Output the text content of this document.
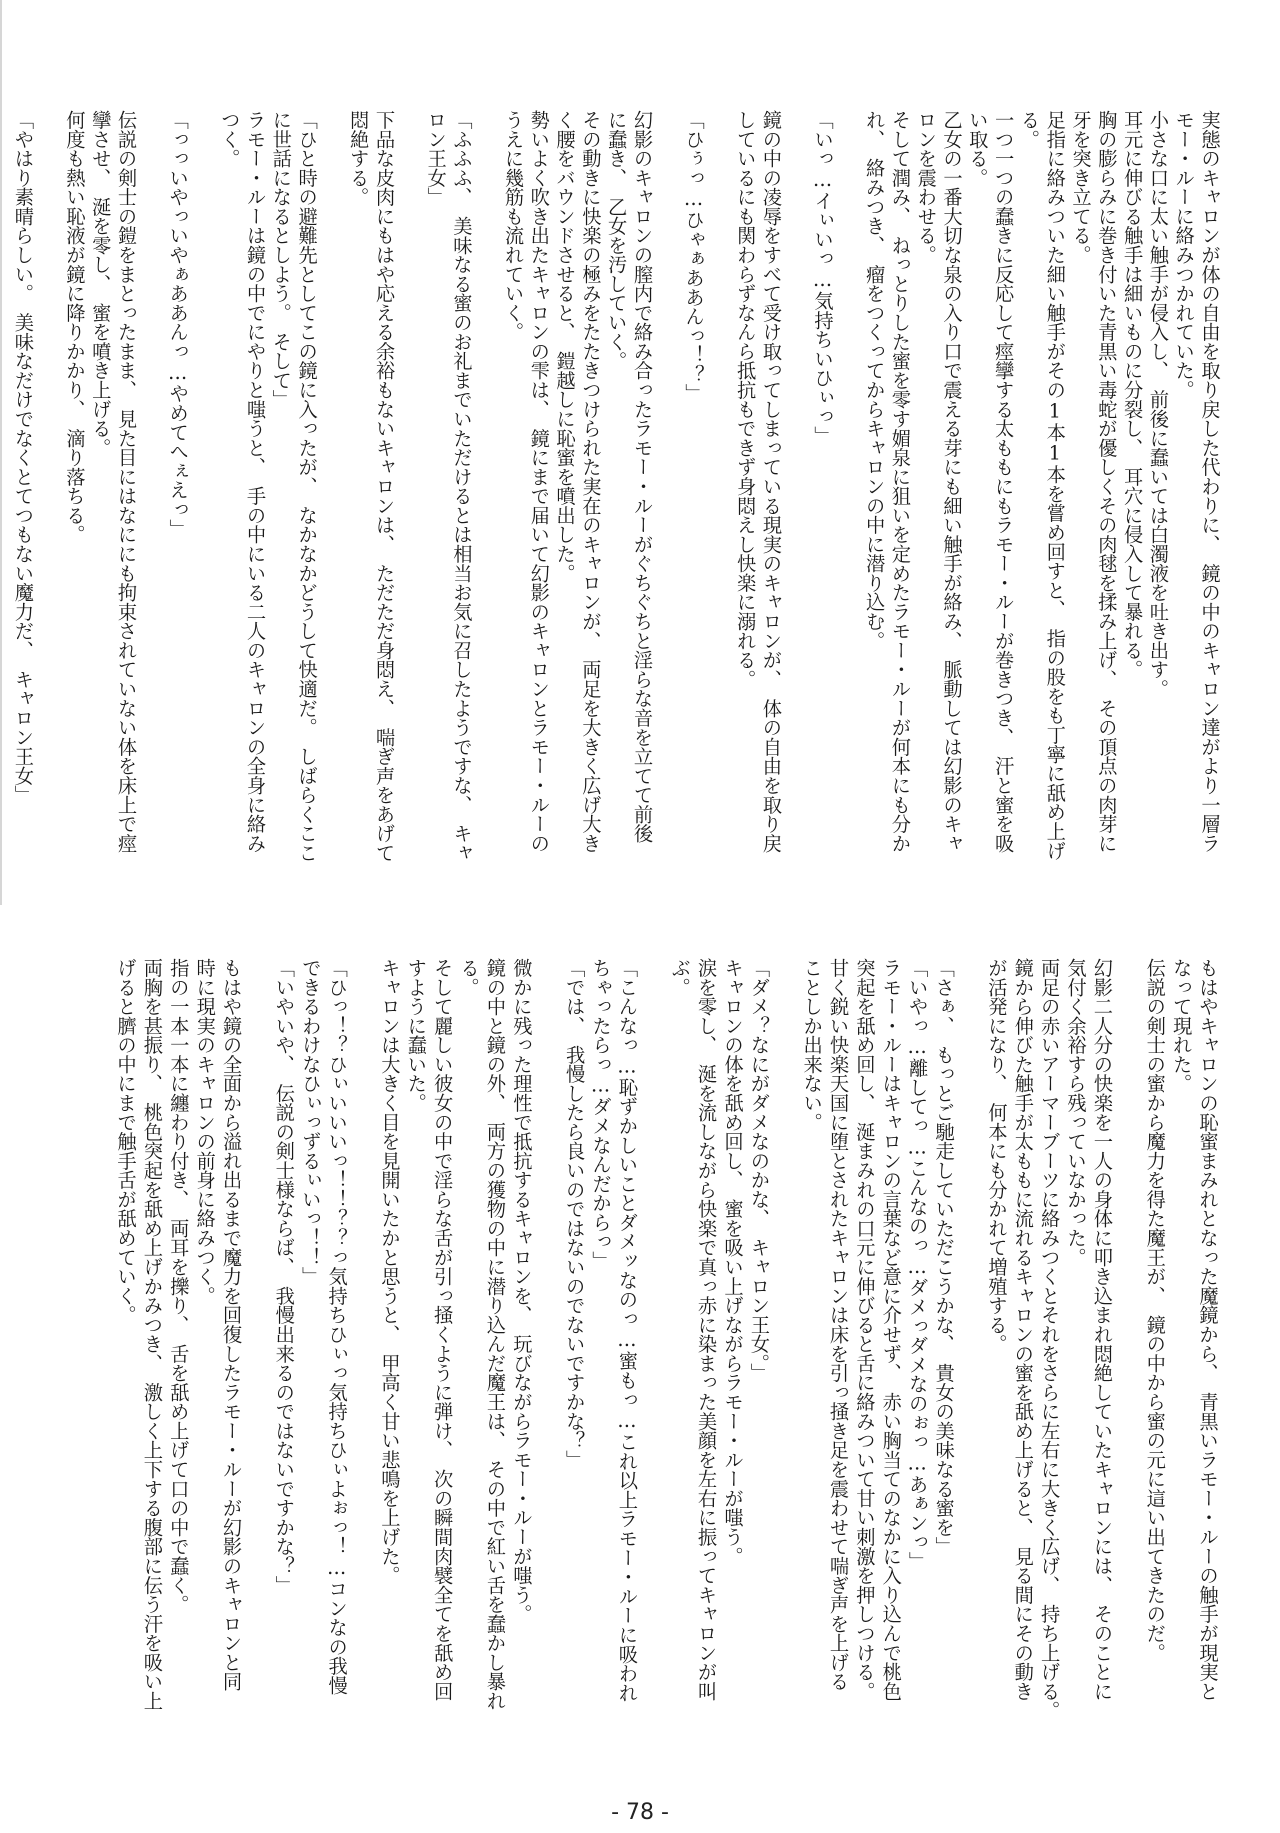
実態のキャロンが体の自由を取り戻した代わりに、　鏡の中のキャロン達がより一層ラ
モー・ルーに絡みつかれていた。
小さな口に太い触手が侵入し、　前後に蠢いては白濁液を吐き出す。
耳元に伸びる触手は細いものに分裂し、　耳穴に侵入して暴れる。
胸の膨らみに巻き付いた青黒い毒蛇が優しくその肉毬を揉み上げ、　その頂点の肉芽に
牙を突き立てる。
足指に絡みついた細い触手がその1本1本を嘗め回すと、　指の股をも丁寧に舐め上げ
る。
一つ一つの蠢きに反応して痙攣する太ももにもラモー・ルーが巻きつき、　汗と蜜を吸
い取る。
乙女の一番大切な泉の入り口で震える芽にも細い触手が絡み、　脈動しては幻影のキャ
ロンを震わせる。
そして潤み、　ねっとりした蜜を零す媚泉に狙いを定めたラモー・ルーが何本にも分か
れ、　絡みつき、　瘤をつくってからキャロンの中に潜り込む。

「いっ…イぃいっ…気持ちいひぃっ」

鏡の中の凌辱をすべて受け取ってしまっている現実のキャロンが、　体の自由を取り戻
しているにも関わらずなんら抵抗もできず身悶えし快楽に溺れる。

「ひぅっ…ひゃぁああんっ！？」

幻影のキャロンの膣内で絡み合ったラモー・ルーがぐちぐちと淫らな音を立てて前後
に蠢き、　乙女を汚していく。
その動きに快楽の極みをたたきつけられた実在のキャロンが、　両足を大きく広げ大き
く腰をバウンドさせると、　鎧越しに恥蜜を噴出した。
勢いよく吹き出たキャロンの雫は、　鏡にまで届いて幻影のキャロンとラモー・ルーの
うえに幾筋も流れていく。

「ふふふ、　美味なる蜜のお礼までいただけるとは相当お気に召したようですな、　キャ
ロン王女」

下品な皮肉にもはや応える余裕もないキャロンは、　ただただ身悶え、　喘ぎ声をあげて
悶絶する。

「ひと時の避難先としてこの鏡に入ったが、　なかなかどうして快適だ。　しばらくここ
に世話になるとしよう。　そして」
ラモー・ルーは鏡の中でにやりと嗤うと、　手の中にいる二人のキャロンの全身に絡み
つく。

「っっいやっいやぁああんっ…やめてへぇえっ」

伝説の剣士の鎧をまとったまま、　見た目にはなににも拘束されていない体を床上で痙
攣させ、　涎を零し、　蜜を噴き上げる。
何度も熱い恥液が鏡に降りかかり、　滴り落ちる。

「やはり素晴らしい。　美味なだけでなくとてつもない魔力だ、　キャロン王女」
もはやキャロンの恥蜜まみれとなった魔鏡から、　青黒いラモー・ルーの触手が現実と
なって現れた。
伝説の剣士の蜜から魔力を得た魔王が、　鏡の中から蜜の元に這い出てきたのだ。

幻影二人分の快楽を一人の身体に叩き込まれ悶絶していたキャロンには、　そのことに
気付く余裕すら残っていなかった。
両足の赤いアーマーブーツに絡みつくとそれをさらに左右に大きく広げ、　持ち上げる。
鏡から伸びた触手が太ももに流れるキャロンの蜜を舐め上げると、　見る間にその動き
が活発になり、　何本にも分かれて増殖する。

「さぁ、　もっとご馳走していただこうかな、　貴女の美味なる蜜を」
「いやっ…離してっ…こんなのっ…ダメっダメなのぉっ…あぁンっ」
ラモー・ルーはキャロンの言葉など意に介せず、　赤い胸当てのなかに入り込んで桃色
突起を舐め回し、　涎まみれの口元に伸びると舌に絡みついて甘い刺激を押しつける。
甘く鋭い快楽天国に堕とされたキャロンは床を引っ掻き足を震わせて喘ぎ声を上げる
ことしか出来ない。

「ダメ？なにがダメなのかな、　キャロン王女。」
キャロンの体を舐め回し、　蜜を吸い上げながらラモー・ルーが嗤う。
涙を零し、　涎を流しながら快楽で真っ赤に染まった美顔を左右に振ってキャロンが叫
ぶ。

「こんなっ…恥ずかしいことダメッなのっ…蜜もっ…これ以上ラモー・ルーに吸われ
ちゃったらっ…ダメなんだからっ」
「では、　我慢したら良いのではないのでないですかな？」

微かに残った理性で抵抗するキャロンを、　玩びながらラモー・ルーが嗤う。
鏡の中と鏡の外、　両方の獲物の中に潜り込んだ魔王は、　その中で紅い舌を蠢かし暴れ
る。
そして麗しい彼女の中で淫らな舌が引っ掻くように弾け、　次の瞬間肉襞全てを舐め回
すように蠢いた。
キャロンは大きく目を見開いたかと思うと、　甲高く甘い悲鳴を上げた。

「ひっ！？ひぃいいいっ！！？？っ気持ちひぃっ気持ちひぃよぉっ！…コンなの我慢
できるわけなひぃっずるぃいっ！！」
「いやいや、　伝説の剣士様ならば、　我慢出来るのではないですかな？」

もはや鏡の全面から溢れ出るまで魔力を回復したラモー・ルーが幻影のキャロンと同
時に現実のキャロンの前身に絡みつく。
指の一本一本に纏わり付き、　両耳を擽り、　舌を舐め上げて口の中で蠢く。
両胸を甚振り、　桃色突起を舐め上げかみつき、　激しく上下する腹部に伝う汗を吸い上
げると臍の中にまで触手舌が舐めていく。
- 78 -
